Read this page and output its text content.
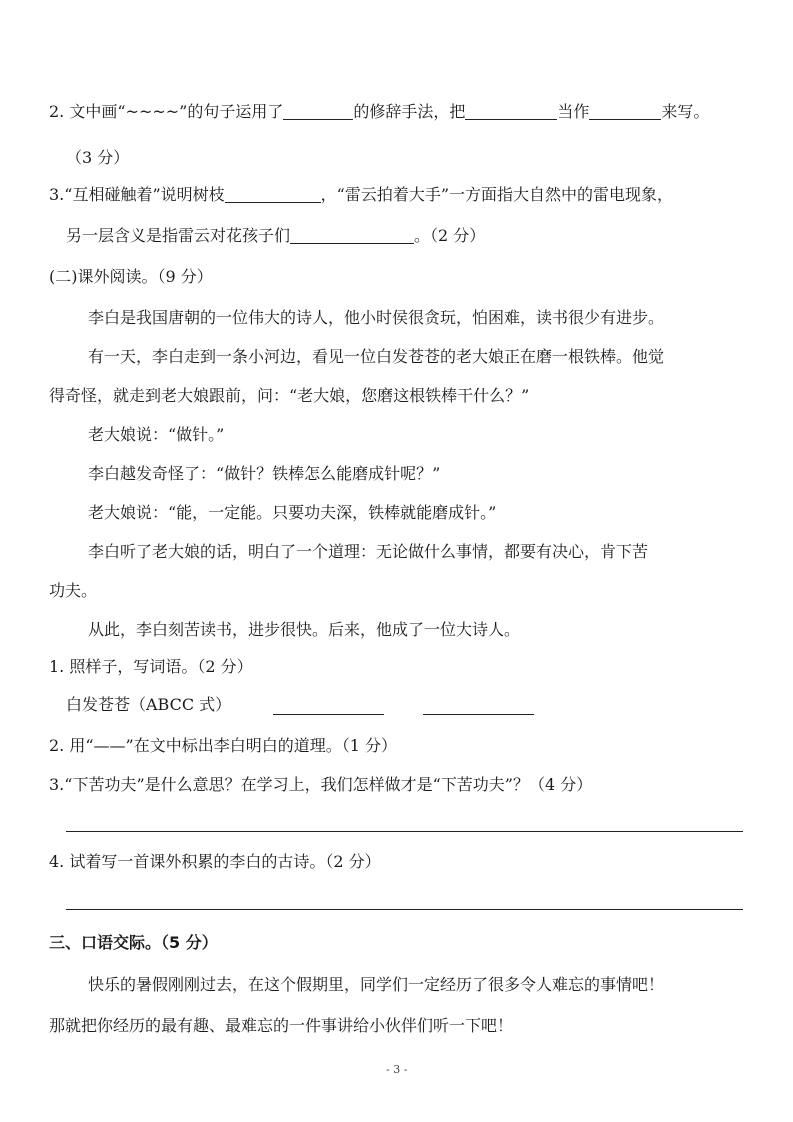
2. 文中画“~~~~”的句子运用了	的修辞手法，把	当作	来写。
（3 分）
3.“互相碰触着”说明树枝	，“雷云拍着大手”一方面指大自然中的雷电现象，
另一层含义是指雷云对花孩子们	。（2 分）
(二)课外阅读。（9 分）
李白是我国唐朝的一位伟大的诗人，他小时侯很贪玩，怕困难，读书很少有进步。
有一天，李白走到一条小河边，看见一位白发苍苍的老大娘正在磨一根铁棒。他觉
得奇怪，就走到老大娘跟前，问：“老大娘，您磨这根铁棒干什么？”
老大娘说：“做针。”
李白越发奇怪了：“做针？铁棒怎么能磨成针呢？”
老大娘说：“能，一定能。只要功夫深，铁棒就能磨成针。”
李白听了老大娘的话，明白了一个道理：无论做什么事情，都要有决心，肯下苦
功夫。
从此，李白刻苦读书，进步很快。后来，他成了一位大诗人。
1. 照样子，写词语。（2 分）
白发苍苍（ABCC 式）
2. 用“——”在文中标出李白明白的道理。（1 分）
3.“下苦功夫”是什么意思？在学习上，我们怎样做才是“下苦功夫”？（4 分）
4. 试着写一首课外积累的李白的古诗。（2 分）
三、口语交际。（5 分）
快乐的暑假刚刚过去，在这个假期里，同学们一定经历了很多令人难忘的事情吧！
那就把你经历的最有趣、最难忘的一件事讲给小伙伴们听一下吧！
- 3 -
